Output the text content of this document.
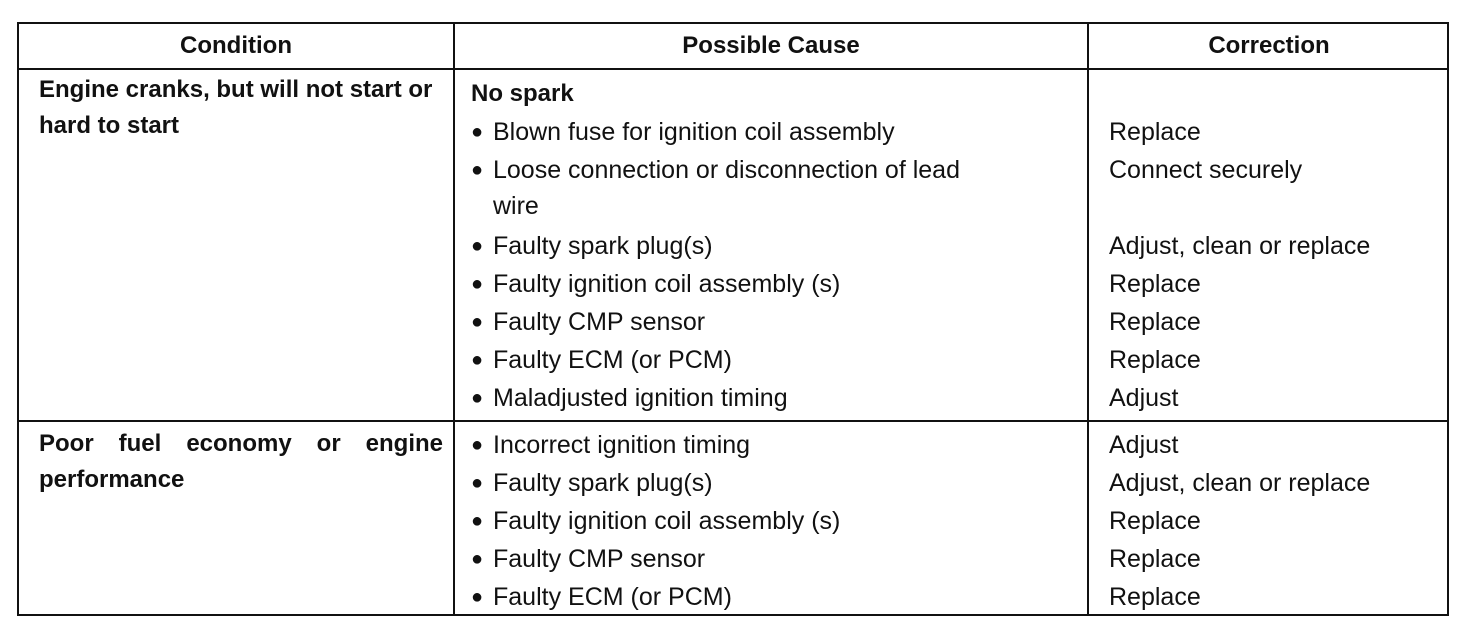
Condition	Possible Cause	Correction
Engine cranks, but will not start or hard to start
No spark
● Blown fuse for ignition coil assembly
● Loose connection or disconnection of lead
wire
● Faulty spark plug(s)
● Faulty ignition coil assembly (s)
● Faulty CMP sensor
● Faulty ECM (or PCM)
● Maladjusted ignition timing
Replace
Connect securely
Adjust, clean or replace
Replace
Replace
Replace
Adjust
Poor fuel economy or engine performance
● Incorrect ignition timing
● Faulty spark plug(s)
● Faulty ignition coil assembly (s)
● Faulty CMP sensor
● Faulty ECM (or PCM)
Adjust
Adjust, clean or replace
Replace
Replace
Replace
